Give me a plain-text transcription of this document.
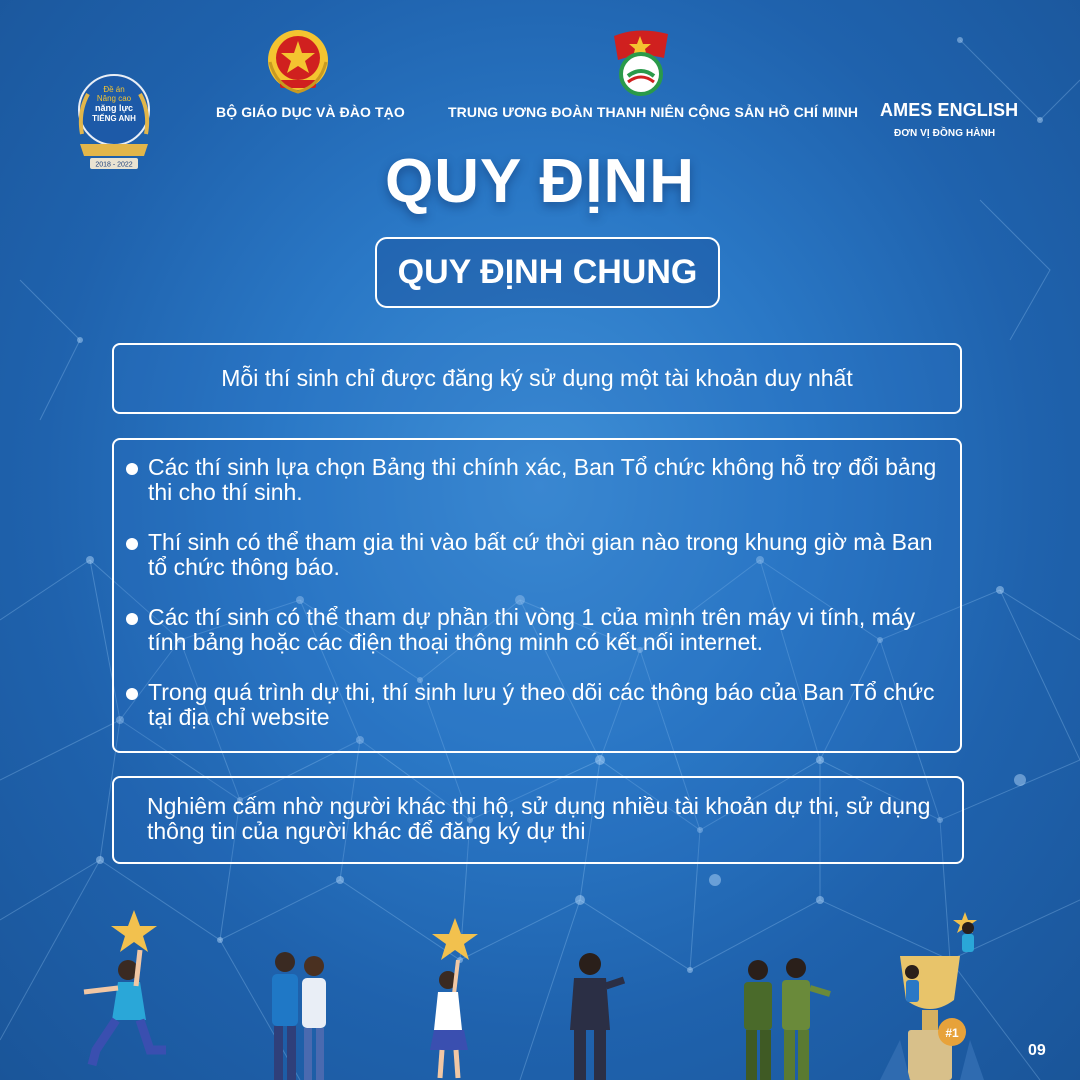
Đề án
Nâng cao
năng lực
TIẾNG ANH
2018 - 2022
BỘ GIÁO DỤC VÀ ĐÀO TẠO	TRUNG ƯƠNG ĐOÀN THANH NIÊN CỘNG SẢN HỒ CHÍ MINH AMES ENGLISH
ĐƠN VỊ ĐỒNG HÀNH
QUY ĐỊNH
QUY ĐỊNH CHUNG
Mỗi thí sinh chỉ được đăng ký sử dụng một tài khoản duy nhất
Các thí sinh lựa chọn Bảng thi chính xác, Ban Tổ chức không hỗ trợ đổi bảng thi cho thí sinh.
Thí sinh có thể tham gia thi vào bất cứ thời gian nào trong khung giờ mà Ban tổ chức thông báo.
Các thí sinh có thể tham dự phần thi vòng 1 của mình trên máy vi tính, máy tính bảng hoặc các điện thoại thông minh có kết nối internet.
Trong quá trình dự thi, thí sinh lưu ý theo dõi các thông báo của Ban Tổ chức tại địa chỉ website
Nghiêm cấm nhờ người khác thi hộ, sử dụng nhiều tài khoản dự thi, sử dụng thông tin của người khác để đăng ký dự thi
#1
09
